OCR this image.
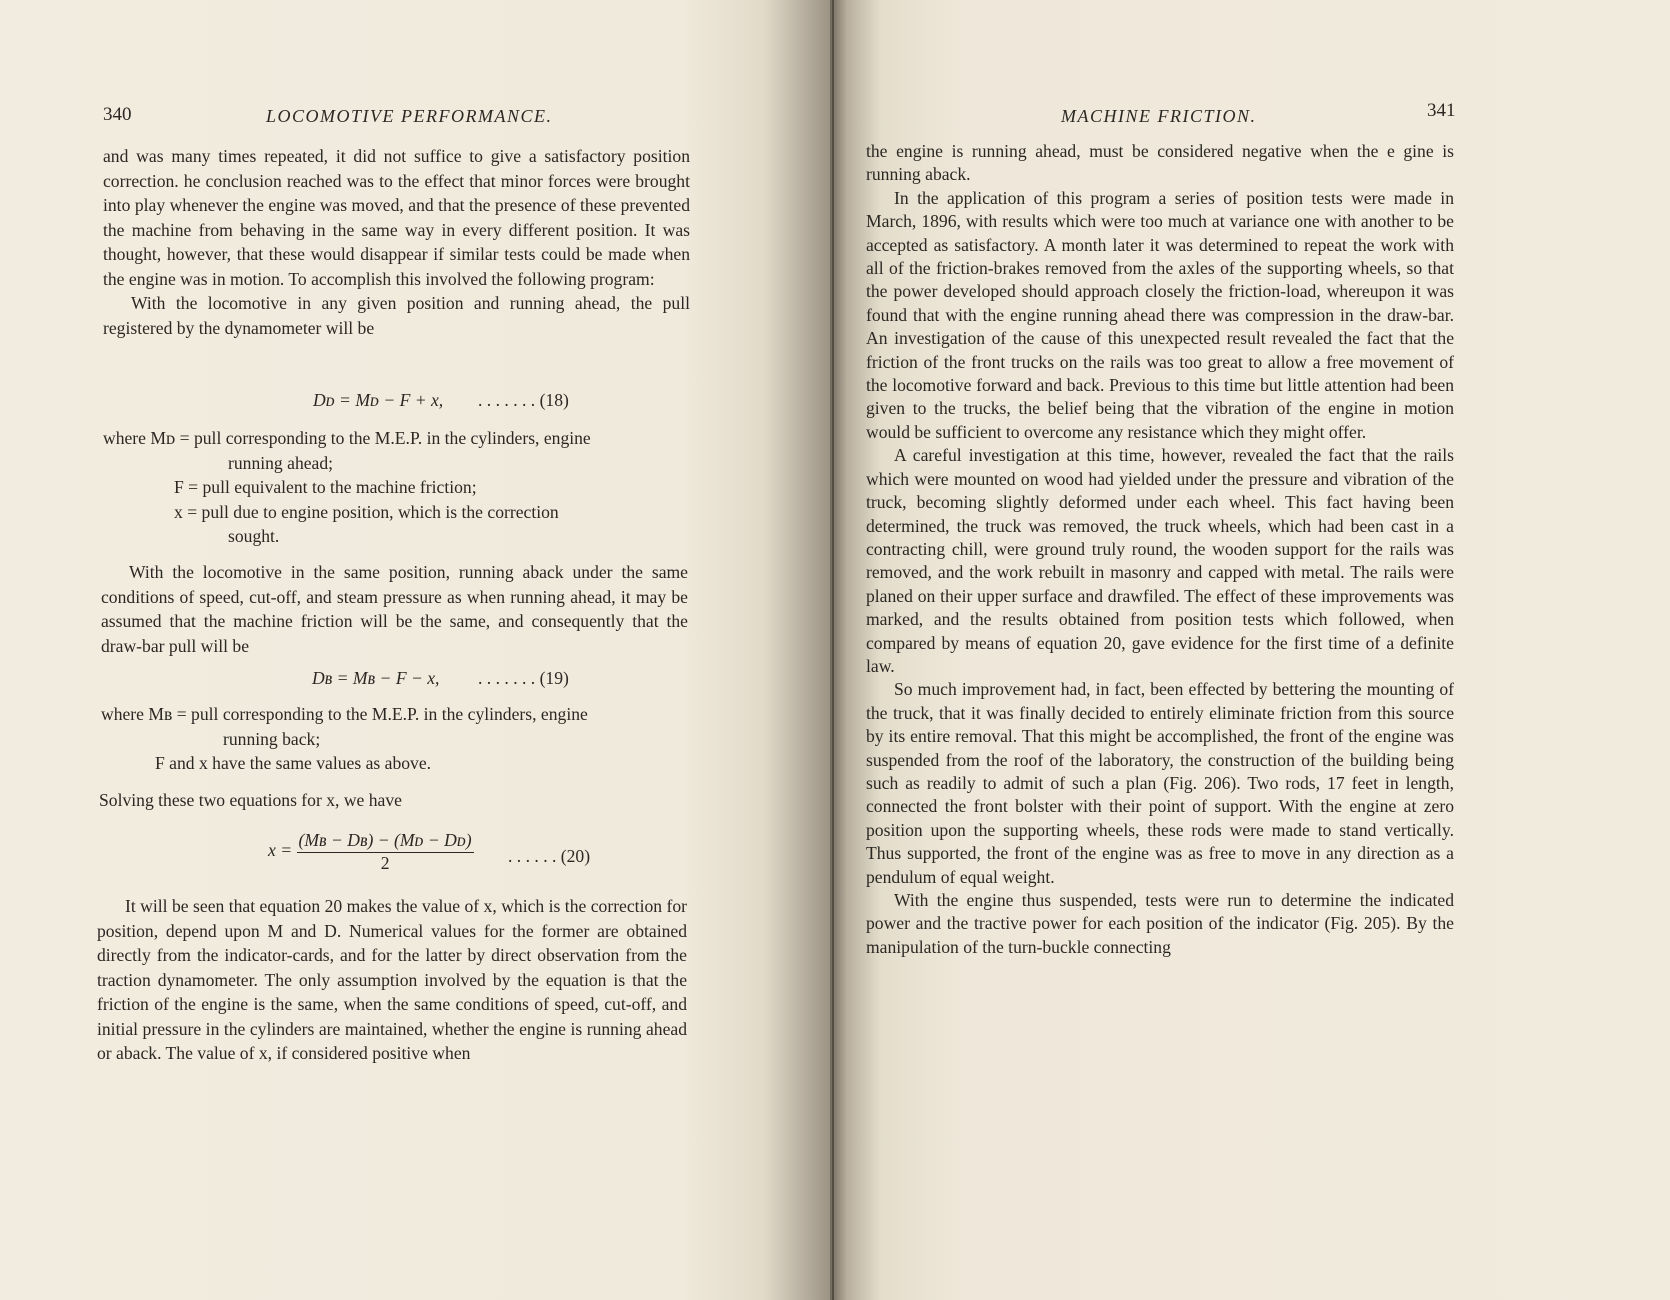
340	LOCOMOTIVE PERFORMANCE.

and was many times repeated, it did not suffice to give a satisfactory position correction. he conclusion reached was to the effect that minor forces were brought into play whenever the engine was moved, and that the presence of these prevented the machine from behaving in the same way in every different position. It was thought, however, that these would disappear if similar tests could be made when the engine was in motion. To accomplish this involved the following program:

With the locomotive in any given position and running ahead, the pull registered by the dynamometer will be

Dᴅ = Mᴅ − F + x, . . . . . . . (18)

where Mᴅ = pull corresponding to the M.E.P. in the cylinders, engine

running ahead;

F = pull equivalent to the machine friction;

x = pull due to engine position, which is the correction

sought.

With the locomotive in the same position, running aback under the same conditions of speed, cut-off, and steam pressure as when running ahead, it may be assumed that the machine friction will be the same, and consequently that the draw-bar pull will be

Dʙ = Mʙ − F − x, . . . . . . . (19)

where Mʙ = pull corresponding to the M.E.P. in the cylinders, engine

running back;

F and x have the same values as above.

Solving these two equations for x, we have

$x = \frac{\text{(Mʙ − Dʙ) − (Mᴅ − Dᴅ)}}{2}$ . . . . . . (20)

It will be seen that equation 20 makes the value of x, which is the correction for position, depend upon M and D. Numerical values for the former are obtained directly from the indicator-cards, and for the latter by direct observation from the traction dynamometer. The only assumption involved by the equation is that the friction of the engine is the same, when the same conditions of speed, cut-off, and initial pressure in the cylinders are maintained, whether the engine is running ahead or aback. The value of x, if considered positive when

MACHINE FRICTION.	341

the engine is running ahead, must be considered negative when the e gine is running aback.

In the application of this program a series of position tests were made in March, 1896, with results which were too much at variance one with another to be accepted as satisfactory. A month later it was determined to repeat the work with all of the friction-brakes removed from the axles of the supporting wheels, so that the power developed should approach closely the friction-load, whereupon it was found that with the engine running ahead there was compression in the draw-bar. An investigation of the cause of this unexpected result revealed the fact that the friction of the front trucks on the rails was too great to allow a free movement of the locomotive forward and back. Previous to this time but little attention had been given to the trucks, the belief being that the vibration of the engine in motion would be sufficient to overcome any resistance which they might offer.

A careful investigation at this time, however, revealed the fact that the rails which were mounted on wood had yielded under the pressure and vibration of the truck, becoming slightly deformed under each wheel. This fact having been determined, the truck was removed, the truck wheels, which had been cast in a contracting chill, were ground truly round, the wooden support for the rails was removed, and the work rebuilt in masonry and capped with metal. The rails were planed on their upper surface and drawfiled. The effect of these improvements was marked, and the results obtained from position tests which followed, when compared by means of equation 20, gave evidence for the first time of a definite law.

So much improvement had, in fact, been effected by bettering the mounting of the truck, that it was finally decided to entirely eliminate friction from this source by its entire removal. That this might be accomplished, the front of the engine was suspended from the roof of the laboratory, the construction of the building being such as readily to admit of such a plan (Fig. 206). Two rods, 17 feet in length, connected the front bolster with their point of support. With the engine at zero position upon the supporting wheels, these rods were made to stand vertically. Thus supported, the front of the engine was as free to move in any direction as a pendulum of equal weight.

With the engine thus suspended, tests were run to determine the indicated power and the tractive power for each position of the indicator (Fig. 205). By the manipulation of the turn-buckle connecting
